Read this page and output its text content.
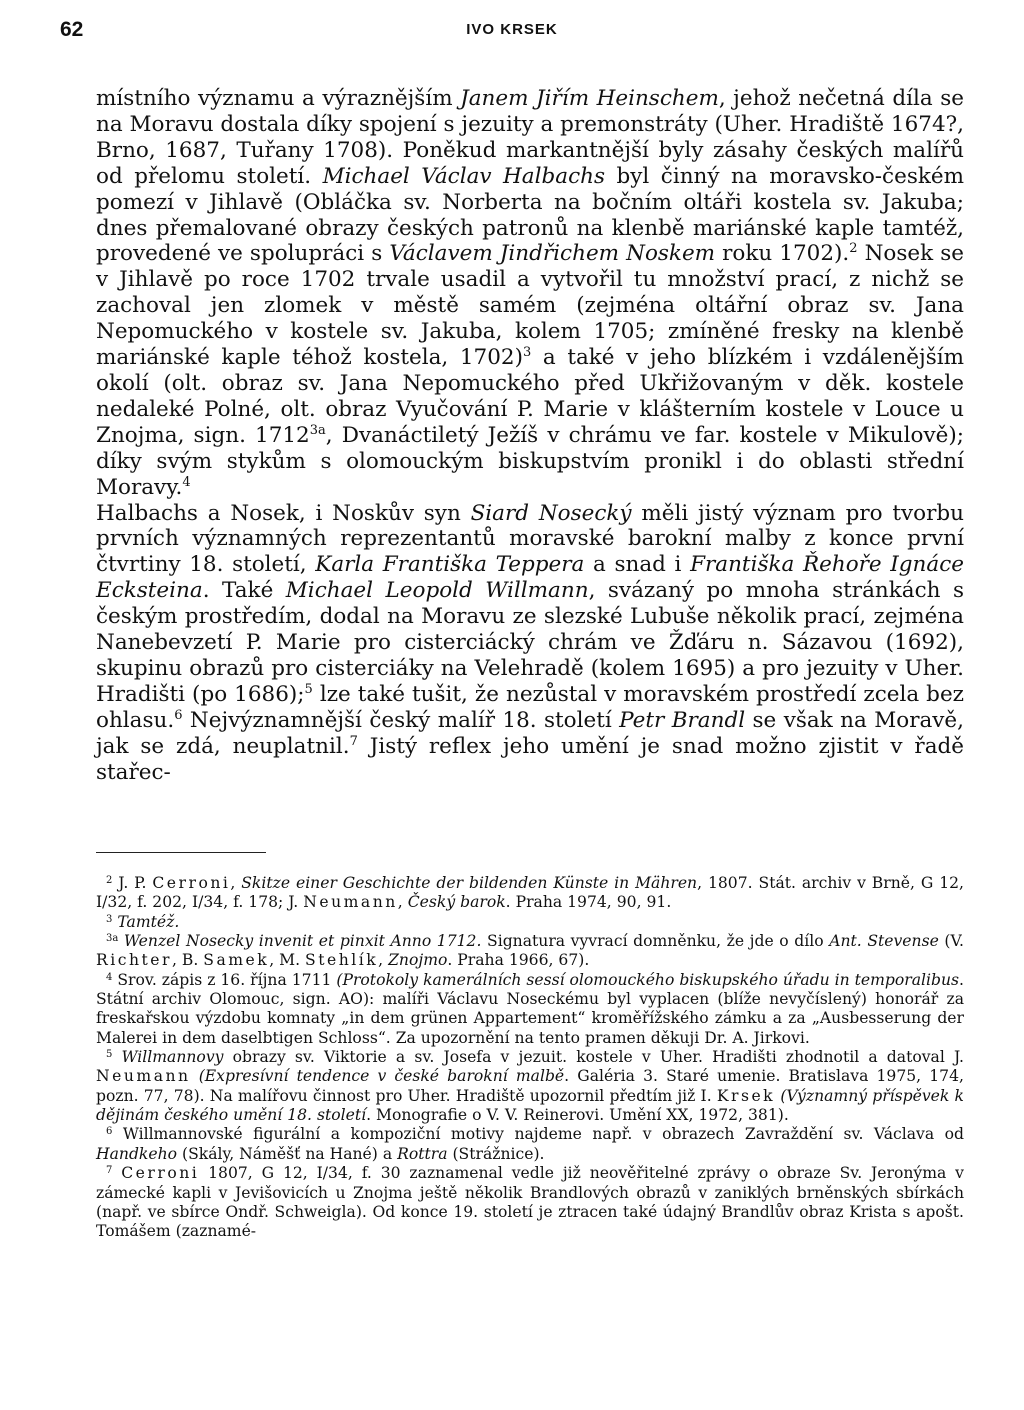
62	IVO KRSEK

místního významu a výraznějším Janem Jiřím Heinschem, jehož nečetná díla se na Moravu dostala díky spojení s jezuity a premonstráty (Uher. Hradiště 1674?, Brno, 1687, Tuřany 1708). Poněkud markantnější byly zásahy českých malířů od přelomu století. Michael Václav Halbachs byl činný na moravsko-českém pomezí v Jihlavě (Obláčka sv. Norberta na bočním oltáři kostela sv. Jakuba; dnes přemalované obrazy českých patronů na klenbě mariánské kaple tamtéž, provedené ve spolupráci s Václavem Jindřichem Noskem roku 1702).$^2$ Nosek se v Jihlavě po roce 1702 trvale usadil a vytvořil tu množství prací, z nichž se zachoval jen zlomek v městě samém (zejména oltářní obraz sv. Jana Nepomuckého v kostele sv. Jakuba, kolem 1705; zmíněné fresky na klenbě mariánské kaple téhož kostela, 1702)$^3$ a také v jeho blízkém i vzdálenějším okolí (olt. obraz sv. Jana Nepomuckého před Ukřižovaným v děk. kostele nedaleké Polné, olt. obraz Vyučování P. Marie v klášterním kostele v Louce u Znojma, sign. $1712^{3a}$, Dvanáctiletý Ježíš v chrámu ve far. kostele v Mikulově); díky svým stykům s olomouckým biskupstvím pronikl i do oblasti střední Moravy.$^4$

Halbachs a Nosek, i Noskův syn Siard Nosecký měli jistý význam pro tvorbu prvních významných reprezentantů moravské barokní malby z konce první čtvrtiny 18. století, Karla Františka Teppera a snad i Františka Řehoře Ignáce Ecksteina. Také Michael Leopold Willmann, svázaný po mnoha stránkách s českým prostředím, dodal na Moravu ze slezské Lubuše několik prací, zejména Nanebevzetí P. Marie pro cisterciácký chrám ve Žďáru n. Sázavou (1692), skupinu obrazů pro cisterciáky na Velehradě (kolem 1695) a pro jezuity v Uher. Hradišti (po 1686);$^5$ lze také tušit, že nezůstal v moravském prostředí zcela bez ohlasu.$^6$ Nejvýznamnější český malíř 18. století Petr Brandl se však na Moravě, jak se zdá, neuplatnil.$^7$ Jistý reflex jeho umění je snad možno zjistit v řadě stařec-

$^2$ J. P. Cerroni, Skitze einer Geschichte der bildenden Künste in Mähren, 1807. Stát. archiv v Brně, G 12, I/32, f. 202, I/34, f. 178; J. Neumann, Český barok. Praha 1974, 90, 91.

$^3$ Tamtéž.

$^{3a}$ Wenzel Nosecky invenit et pinxit Anno 1712. Signatura vyvrací domněnku, že jde o dílo Ant. Stevense (V. Richter, B. Samek, M. Stehlík, Znojmo. Praha 1966, 67).

$^4$ Srov. zápis z 16. října 1711 (Protokoly kamerálních sessí olomouckého biskupského úřadu in temporalibus. Státní archiv Olomouc, sign. AO): malíři Václavu Noseckému byl vyplacen (blíže nevyčíslený) honorář za freskařskou výzdobu komnaty „in dem grünen Appartement“ kroměřížského zámku a za „Ausbesserung der Malerei in dem daselbtigen Schloss“. Za upozornění na tento pramen děkuji Dr. A. Jirkovi.

$^5$ Willmannovy obrazy sv. Viktorie a sv. Josefa v jezuit. kostele v Uher. Hradišti zhodnotil a datoval J. Neumann (Expresívní tendence v české barokní malbě. Galéria 3. Staré umenie. Bratislava 1975, 174, pozn. 77, 78). Na malířovu činnost pro Uher. Hradiště upozornil předtím již I. Krsek (Významný příspěvek k dějinám českého umění 18. století. Monografie o V. V. Reinerovi. Umění XX, 1972, 381).

$^6$ Willmannovské figurální a kompoziční motivy najdeme např. v obrazech Zavraždění sv. Václava od Handkeho (Skály, Náměšť na Hané) a Rottra (Strážnice).

$^7$ Cerroni 1807, G 12, I/34, f. 30 zaznamenal vedle již neověřitelné zprávy o obraze Sv. Jeronýma v zámecké kapli v Jevišovicích u Znojma ještě několik Brandlových obrazů v zaniklých brněnských sbírkách (např. ve sbírce Ondř. Schweigla). Od konce 19. století je ztracen také údajný Brandlův obraz Krista s apošt. Tomášem (zaznamé-
